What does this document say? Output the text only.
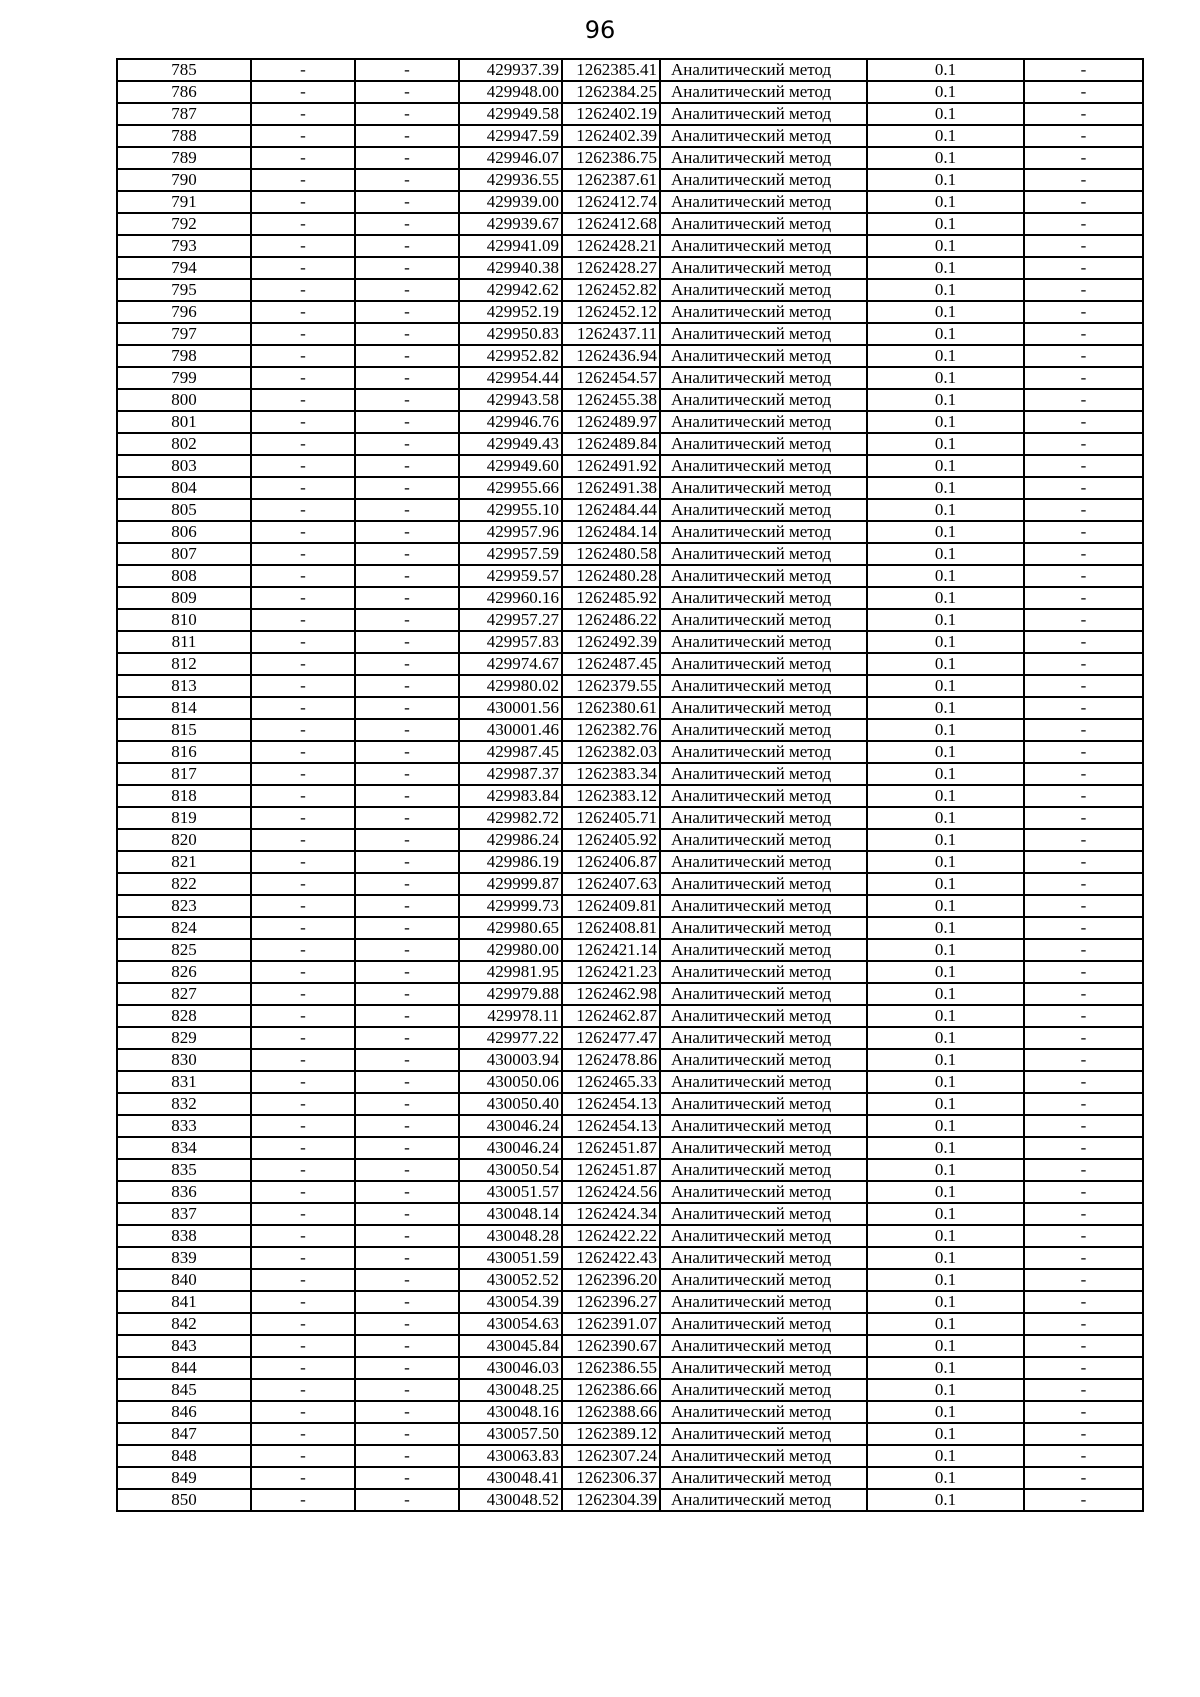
96
785	-	-	429937.39	1262385.41	Аналитический метод	0.1	-
786	-	-	429948.00	1262384.25	Аналитический метод	0.1	-
787	-	-	429949.58	1262402.19	Аналитический метод	0.1	-
788	-	-	429947.59	1262402.39	Аналитический метод	0.1	-
789	-	-	429946.07	1262386.75	Аналитический метод	0.1	-
790	-	-	429936.55	1262387.61	Аналитический метод	0.1	-
791	-	-	429939.00	1262412.74	Аналитический метод	0.1	-
792	-	-	429939.67	1262412.68	Аналитический метод	0.1	-
793	-	-	429941.09	1262428.21	Аналитический метод	0.1	-
794	-	-	429940.38	1262428.27	Аналитический метод	0.1	-
795	-	-	429942.62	1262452.82	Аналитический метод	0.1	-
796	-	-	429952.19	1262452.12	Аналитический метод	0.1	-
797	-	-	429950.83	1262437.11	Аналитический метод	0.1	-
798	-	-	429952.82	1262436.94	Аналитический метод	0.1	-
799	-	-	429954.44	1262454.57	Аналитический метод	0.1	-
800	-	-	429943.58	1262455.38	Аналитический метод	0.1	-
801	-	-	429946.76	1262489.97	Аналитический метод	0.1	-
802	-	-	429949.43	1262489.84	Аналитический метод	0.1	-
803	-	-	429949.60	1262491.92	Аналитический метод	0.1	-
804	-	-	429955.66	1262491.38	Аналитический метод	0.1	-
805	-	-	429955.10	1262484.44	Аналитический метод	0.1	-
806	-	-	429957.96	1262484.14	Аналитический метод	0.1	-
807	-	-	429957.59	1262480.58	Аналитический метод	0.1	-
808	-	-	429959.57	1262480.28	Аналитический метод	0.1	-
809	-	-	429960.16	1262485.92	Аналитический метод	0.1	-
810	-	-	429957.27	1262486.22	Аналитический метод	0.1	-
811	-	-	429957.83	1262492.39	Аналитический метод	0.1	-
812	-	-	429974.67	1262487.45	Аналитический метод	0.1	-
813	-	-	429980.02	1262379.55	Аналитический метод	0.1	-
814	-	-	430001.56	1262380.61	Аналитический метод	0.1	-
815	-	-	430001.46	1262382.76	Аналитический метод	0.1	-
816	-	-	429987.45	1262382.03	Аналитический метод	0.1	-
817	-	-	429987.37	1262383.34	Аналитический метод	0.1	-
818	-	-	429983.84	1262383.12	Аналитический метод	0.1	-
819	-	-	429982.72	1262405.71	Аналитический метод	0.1	-
820	-	-	429986.24	1262405.92	Аналитический метод	0.1	-
821	-	-	429986.19	1262406.87	Аналитический метод	0.1	-
822	-	-	429999.87	1262407.63	Аналитический метод	0.1	-
823	-	-	429999.73	1262409.81	Аналитический метод	0.1	-
824	-	-	429980.65	1262408.81	Аналитический метод	0.1	-
825	-	-	429980.00	1262421.14	Аналитический метод	0.1	-
826	-	-	429981.95	1262421.23	Аналитический метод	0.1	-
827	-	-	429979.88	1262462.98	Аналитический метод	0.1	-
828	-	-	429978.11	1262462.87	Аналитический метод	0.1	-
829	-	-	429977.22	1262477.47	Аналитический метод	0.1	-
830	-	-	430003.94	1262478.86	Аналитический метод	0.1	-
831	-	-	430050.06	1262465.33	Аналитический метод	0.1	-
832	-	-	430050.40	1262454.13	Аналитический метод	0.1	-
833	-	-	430046.24	1262454.13	Аналитический метод	0.1	-
834	-	-	430046.24	1262451.87	Аналитический метод	0.1	-
835	-	-	430050.54	1262451.87	Аналитический метод	0.1	-
836	-	-	430051.57	1262424.56	Аналитический метод	0.1	-
837	-	-	430048.14	1262424.34	Аналитический метод	0.1	-
838	-	-	430048.28	1262422.22	Аналитический метод	0.1	-
839	-	-	430051.59	1262422.43	Аналитический метод	0.1	-
840	-	-	430052.52	1262396.20	Аналитический метод	0.1	-
841	-	-	430054.39	1262396.27	Аналитический метод	0.1	-
842	-	-	430054.63	1262391.07	Аналитический метод	0.1	-
843	-	-	430045.84	1262390.67	Аналитический метод	0.1	-
844	-	-	430046.03	1262386.55	Аналитический метод	0.1	-
845	-	-	430048.25	1262386.66	Аналитический метод	0.1	-
846	-	-	430048.16	1262388.66	Аналитический метод	0.1	-
847	-	-	430057.50	1262389.12	Аналитический метод	0.1	-
848	-	-	430063.83	1262307.24	Аналитический метод	0.1	-
849	-	-	430048.41	1262306.37	Аналитический метод	0.1	-
850	-	-	430048.52	1262304.39	Аналитический метод	0.1	-
